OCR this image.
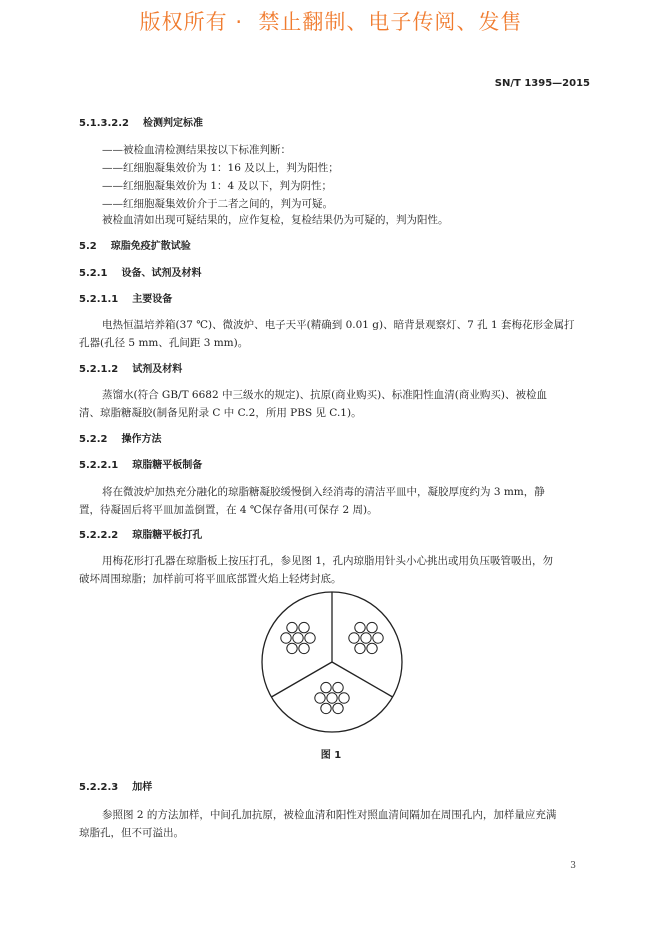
版权所有 ·  禁止翻制、电子传阅、发售
SN/T 1395—2015
5.1.3.2.2 检测判定标准
——被检血清检测结果按以下标准判断：
——红细胞凝集效价为 1：16 及以上，判为阳性；
——红细胞凝集效价为 1：4 及以下，判为阴性；
——红细胞凝集效价介于二者之间的，判为可疑。
被检血清如出现可疑结果的，应作复检，复检结果仍为可疑的，判为阳性。
5.2 琼脂免疫扩散试验
5.2.1 设备、试剂及材料
5.2.1.1 主要设备
电热恒温培养箱(37 ℃)、微波炉、电子天平(精确到 0.01 g)、暗背景观察灯、7 孔 1 套梅花形金属打
孔器(孔径 5 mm、孔间距 3 mm)。
5.2.1.2 试剂及材料
蒸馏水(符合 GB/T 6682 中三级水的规定)、抗原(商业购买)、标准阳性血清(商业购买)、被检血
清、琼脂糖凝胶(制备见附录 C 中 C.2，所用 PBS 见 C.1)。
5.2.2 操作方法
5.2.2.1 琼脂糖平板制备
将在微波炉加热充分融化的琼脂糖凝胶缓慢倒入经消毒的清洁平皿中，凝胶厚度约为 3 mm，静
置，待凝固后将平皿加盖倒置，在 4 ℃保存备用(可保存 2 周)。
5.2.2.2 琼脂糖平板打孔
用梅花形打孔器在琼脂板上按压打孔，参见图 1，孔内琼脂用针头小心挑出或用负压吸管吸出，勿
破坏周围琼脂；加样前可将平皿底部置火焰上轻烤封底。
图 1
5.2.2.3 加样
参照图 2 的方法加样，中间孔加抗原，被检血清和阳性对照血清间隔加在周围孔内，加样量应充满
琼脂孔，但不可溢出。
3
